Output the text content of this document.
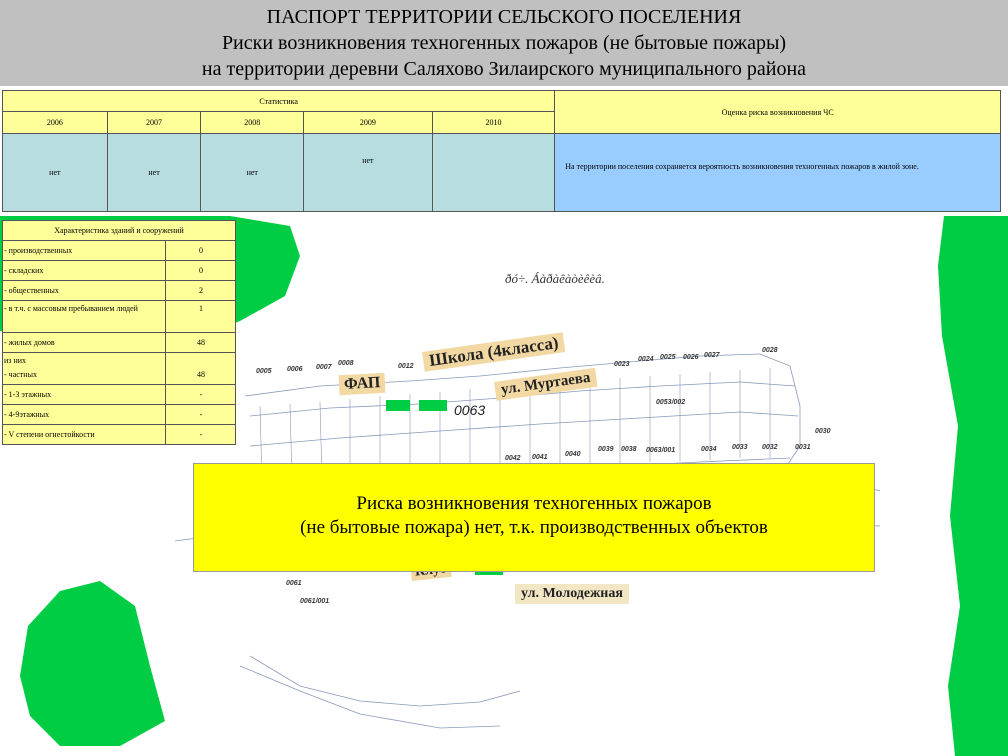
ПАСПОРТ ТЕРРИТОРИИ СЕЛЬСКОГО ПОСЕЛЕНИЯ
Риски возникновения техногенных пожаров (не бытовые пожары)
на территории деревни Саляхово Зилаирского муниципального района
0005 0006 0007
0008	0012	0023
0024 0025 0026 0027
0028
0053/002
0042 0041 0040
0039 0038 0063/001	0034 0033 0032 0031
0030
0061
0061/001
ðó÷. Áàðàêàòèêèâ.
0063
ФАП
Школа (4класса)
ул. Муртаева
ул. Молодежная
Статистика					Оценка риска возникновения ЧС
2006	2007	2008	2009	2010	
нет	нет	нет	нет		На территории поселения сохраняется вероятность возникновения техногенных пожаров в жилой зоне.
Характеристика зданий и сооружений	
- производственных	0
- складских	0
- общественных	2
- в т.ч. с массовым пребыванием людей	1
- жилых домов	48
из них	
- частных	48
- 1-3 этажных	-
- 4-9этажных	-
- V степени огнестойкости	-
Риска возникновения техногенных пожаров
(не бытовые пожара) нет, т.к. производственных объектов
